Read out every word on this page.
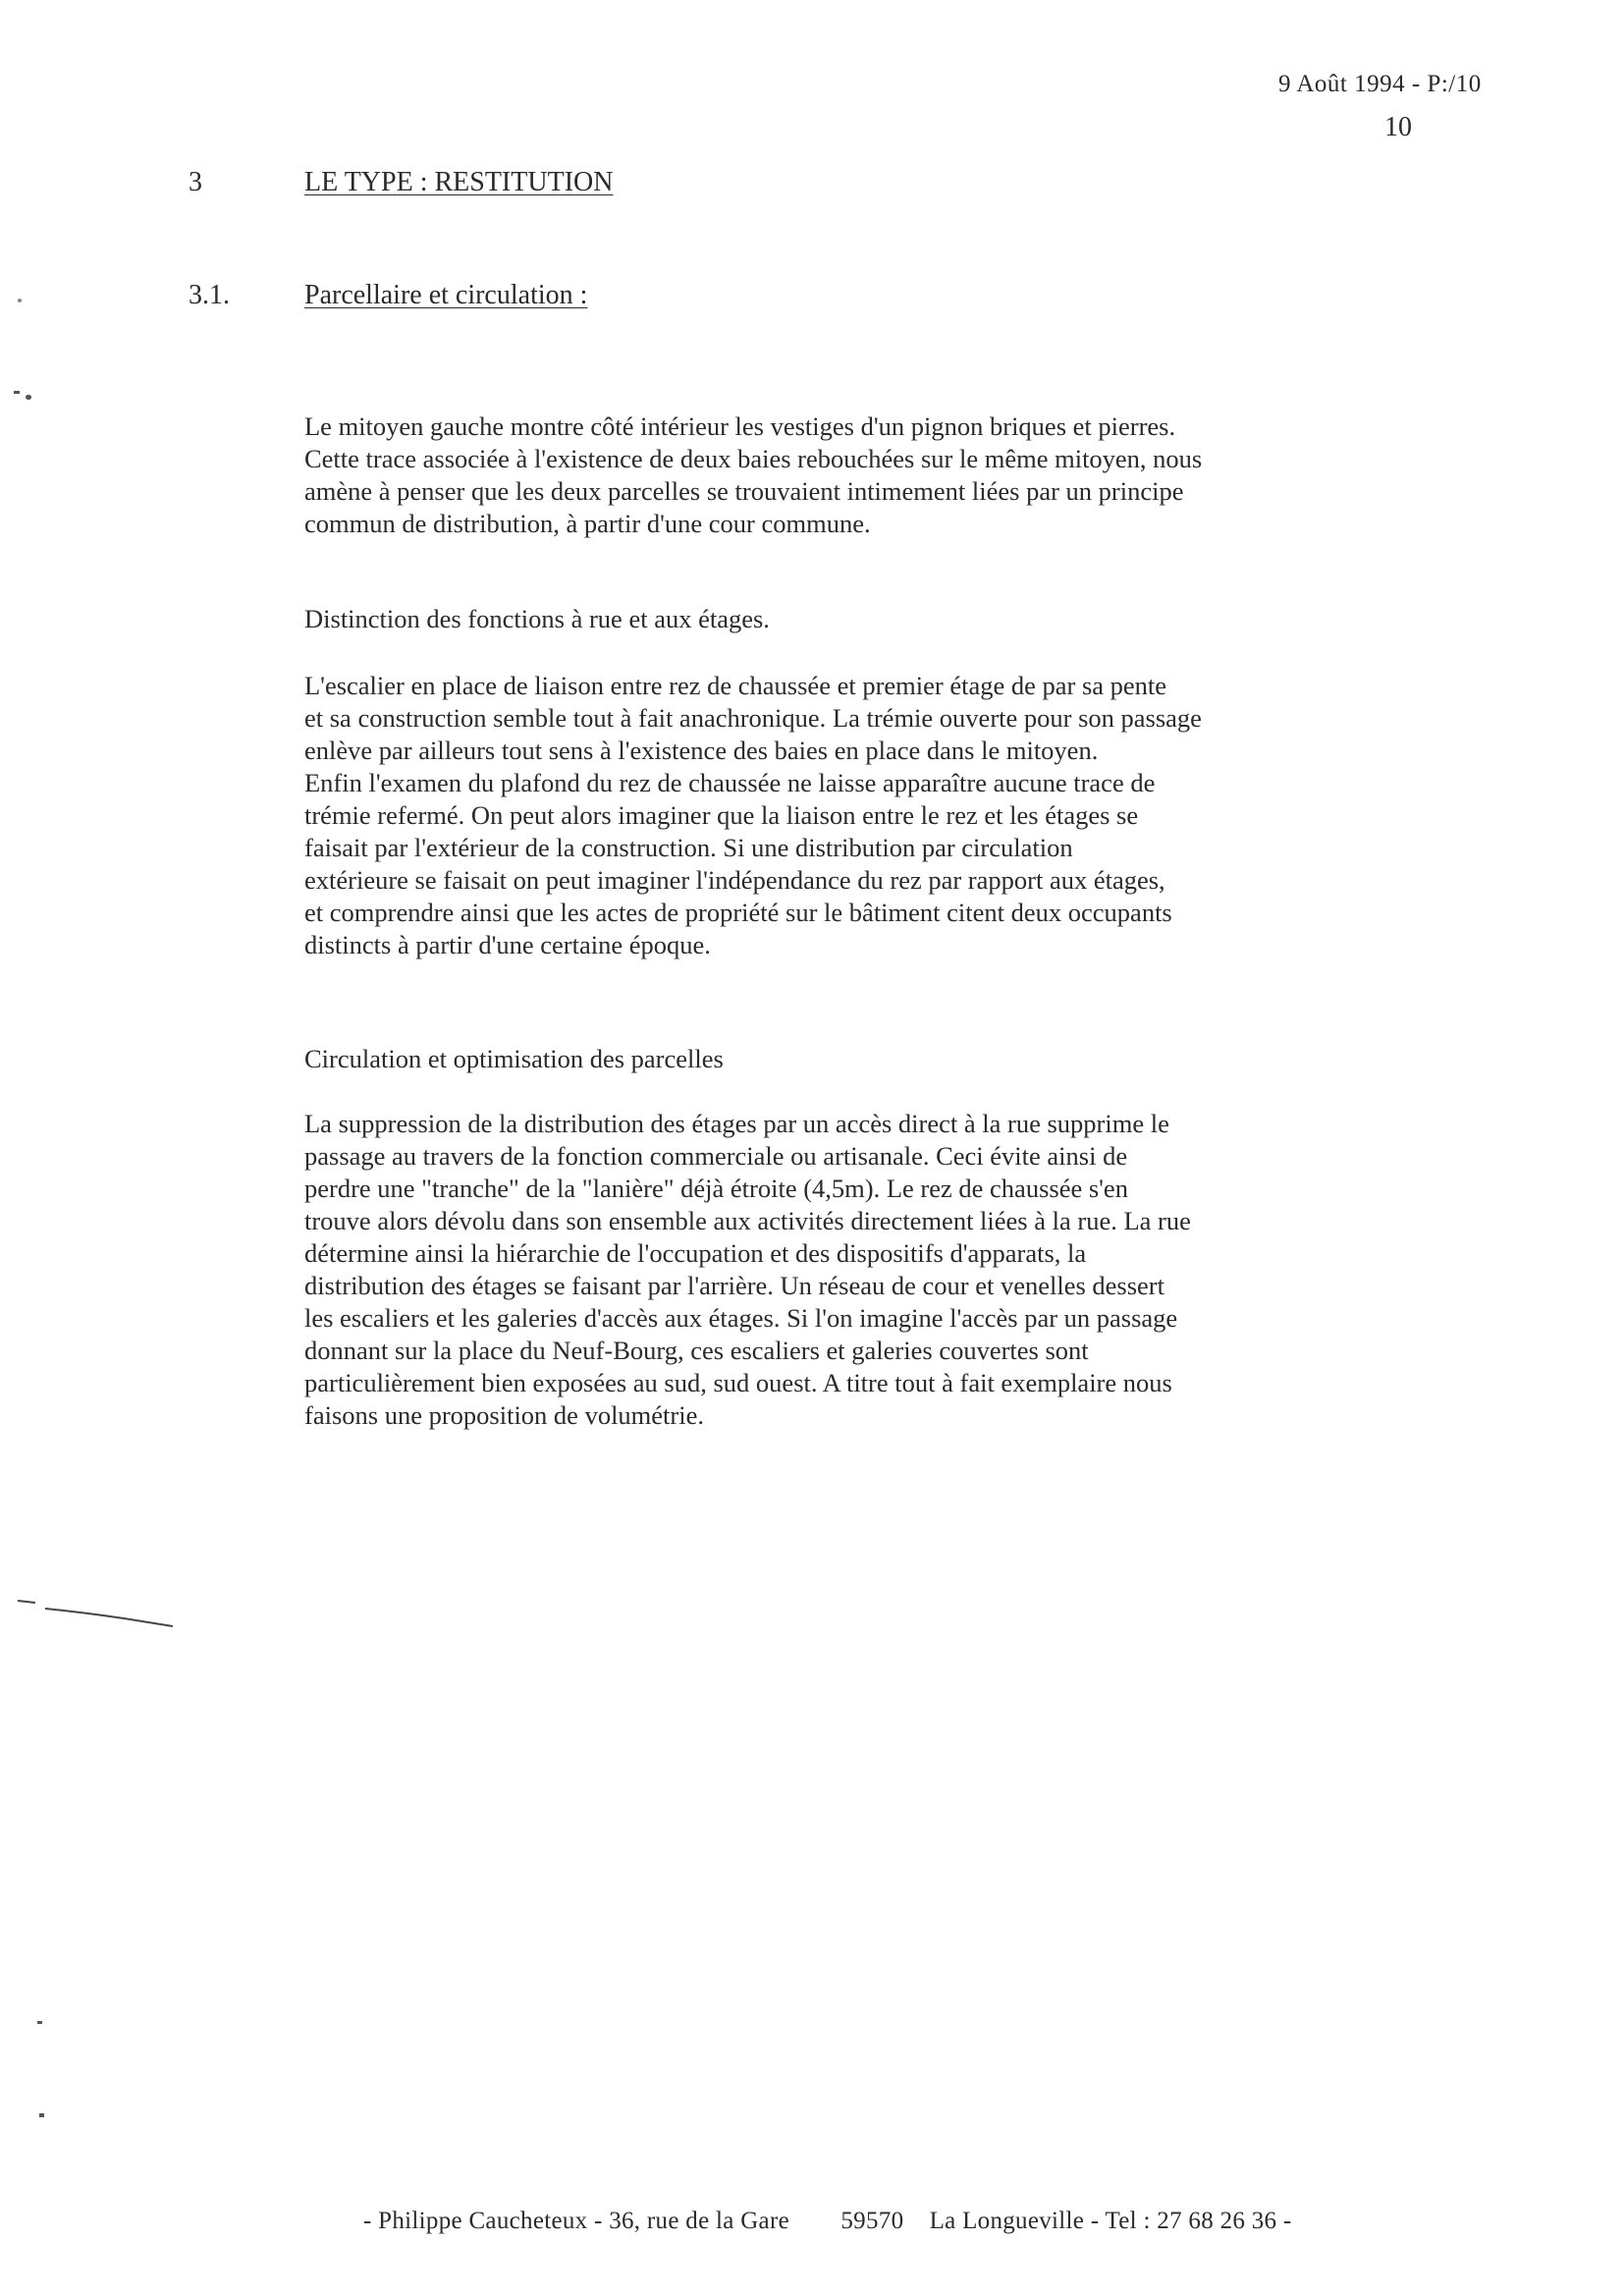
9 Août 1994 - P:/10
10
3	LE TYPE : RESTITUTION
3.1.	Parcellaire et circulation :
Le mitoyen gauche montre côté intérieur les vestiges d'un pignon briques et pierres.
Cette trace associée à l'existence de deux baies rebouchées sur le même mitoyen, nous
amène à penser que les deux parcelles se trouvaient intimement liées par un principe
commun de distribution, à partir d'une cour commune.
Distinction des fonctions à rue et aux étages.
L'escalier en place de liaison entre rez de chaussée et premier étage de par sa pente
et sa construction semble tout à fait anachronique. La trémie ouverte pour son passage
enlève par ailleurs tout sens à l'existence des baies en place dans le mitoyen.
Enfin l'examen du plafond du rez de chaussée ne laisse apparaître aucune trace de
trémie refermé. On peut alors imaginer que la liaison entre le rez et les étages se
faisait par l'extérieur de la construction. Si une distribution par circulation
extérieure se faisait on peut imaginer l'indépendance du rez par rapport aux étages,
et comprendre ainsi que les actes de propriété sur le bâtiment citent deux occupants
distincts à partir d'une certaine époque.
Circulation et optimisation des parcelles
La suppression de la distribution des étages par un accès direct à la rue supprime le
passage au travers de la fonction commerciale ou artisanale. Ceci évite ainsi de
perdre une "tranche" de la "lanière" déjà étroite (4,5m). Le rez de chaussée s'en
trouve alors dévolu dans son ensemble aux activités directement liées à la rue. La rue
détermine ainsi la hiérarchie de l'occupation et des dispositifs d'apparats, la
distribution des étages se faisant par l'arrière. Un réseau de cour et venelles dessert
les escaliers et les galeries d'accès aux étages. Si l'on imagine l'accès par un passage
donnant sur la place du Neuf-Bourg, ces escaliers et galeries couvertes sont
particulièrement bien exposées au sud, sud ouest. A titre tout à fait exemplaire nous
faisons une proposition de volumétrie.
- Philippe Caucheteux - 36, rue de la Gare        59570    La Longueville - Tel : 27 68 26 36 -
